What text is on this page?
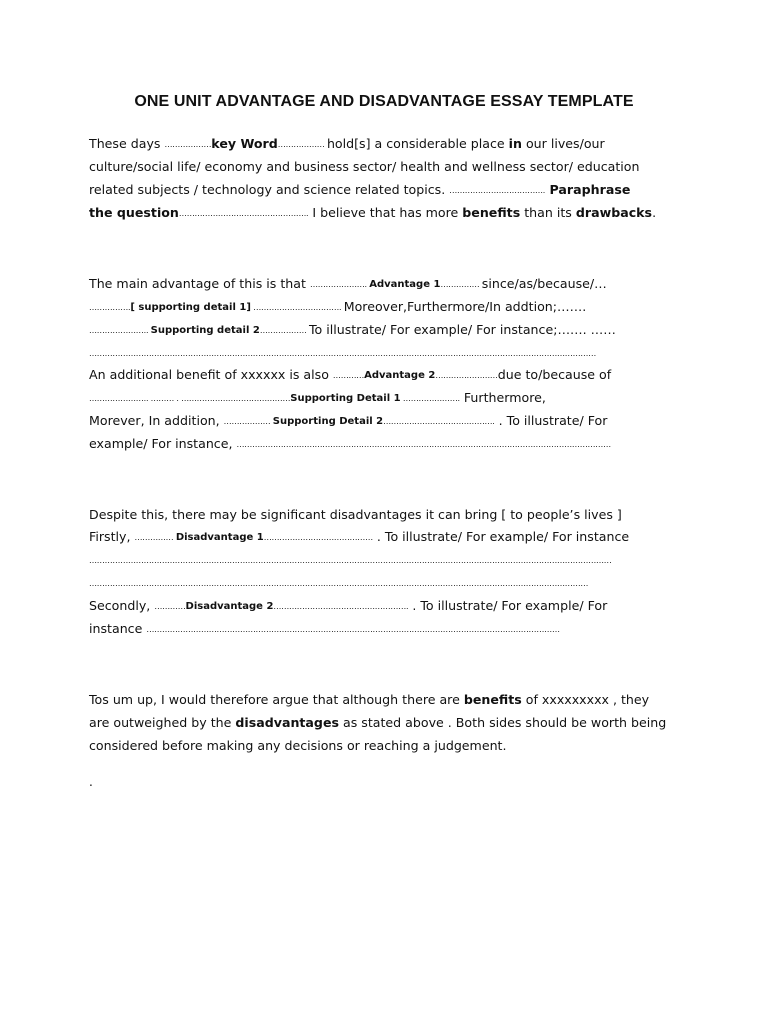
ONE UNIT ADVANTAGE AND DISADVANTAGE ESSAY TEMPLATE
These days ………………key Word……………… hold[s] a considerable place in our lives/our
culture/social life/ economy and business sector/ health and wellness sector/ education
related subjects / technology and science related topics. ………………………………. Paraphrase
the question………………………………………….. I believe that has more benefits than its drawbacks.
The main advantage of this is that …………………. Advantage 1…………… since/as/because/…
…………….[ supporting detail 1] ……………………………. Moreover,Furthermore/In addtion;…….
………………….. Supporting detail 2……………… To illustrate/ For example/ For instance;……. ……
……………………………………………………………………………………………………………………………………………………………………………
An additional benefit of xxxxxx is also …………Advantage 2……………………due to/because of
………………….. ……… . ……………………………………Supporting Detail 1 …………………. Furthermore,
Morever, In addition, ……………… Supporting Detail 2……………………………………. . To illustrate/ For
example/ For instance, ………………………………………………………………………………………………………………………………
Despite this, there may be significant disadvantages it can bring [ to people’s lives ]
Firstly, …………… Disadvantage 1…………………………………… . To illustrate/ For example/ For instance
…………………………………………………………………………………………………………………………………………………………………………………
…………………………………………………………………………………………………………………………………………………………………………
Secondly, …………Disadvantage 2……………………………………………. . To illustrate/ For example/ For
instance ……………………………………………………………………………………………………………………………………………
Tos um up, I would therefore argue that although there are benefits of xxxxxxxxx , they
are outweighed by the disadvantages as stated above . Both sides should be worth being
considered before making any decisions or reaching a judgement.
.
